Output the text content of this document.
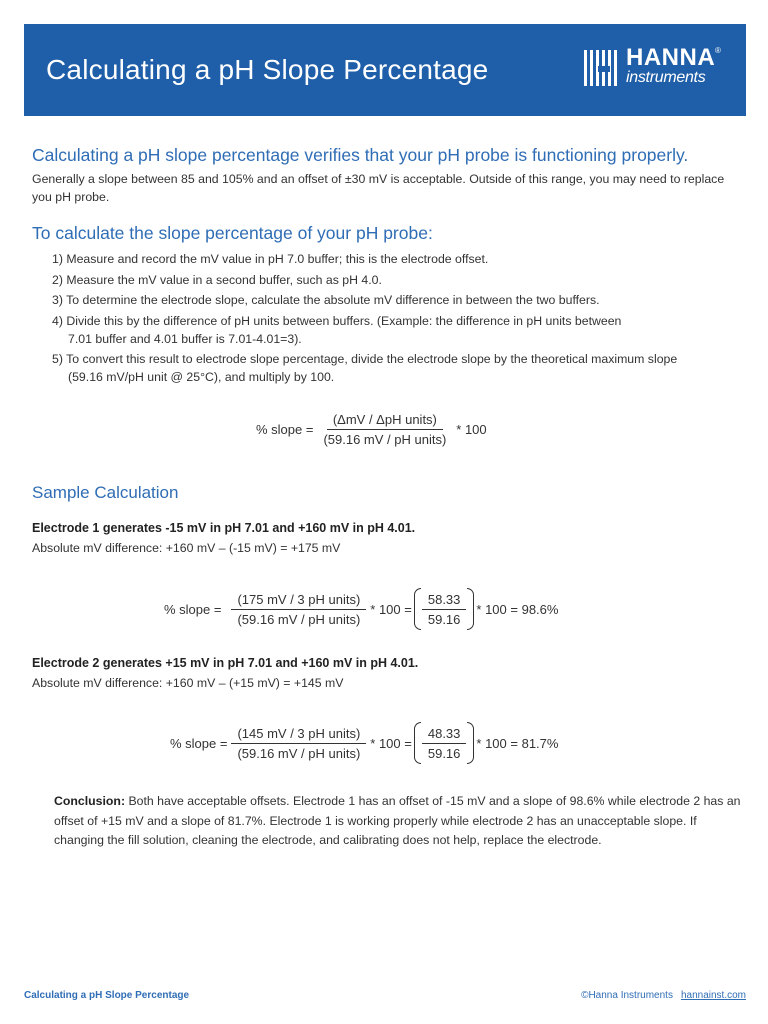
Calculating a pH Slope Percentage	HANNA ®
instruments
Calculating a pH slope percentage verifies that your pH probe is functioning properly.

Generally a slope between 85 and 105% and an offset of ±30 mV is acceptable. Outside of this range, you may need to replace you pH probe.

To calculate the slope percentage of your pH probe:
1) Measure and record the mV value in pH 7.0 buffer; this is the electrode offset.
2) Measure the mV value in a second buffer, such as pH 4.0.
3) To determine the electrode slope, calculate the absolute mV difference in between the two buffers.
4) Divide this by the difference of pH units between buffers. (Example: the difference in pH units between
7.01 buffer and 4.01 buffer is 7.01-4.01=3).
5) To convert this result to electrode slope percentage, divide the electrode slope by the theoretical maximum slope
(59.16 mV/pH unit @ 25°C), and multiply by 100.
% slope = $\frac{\text{(ΔmV / ΔpH units)}}{\text{(59.16 mV / pH units)}} * 100$
Sample Calculation

Electrode 1 generates -15 mV in pH 7.01 and +160 mV in pH 4.01.

Absolute mV difference: +160 mV – (-15 mV) = +175 mV

% slope = $\frac{\text{(175 mV / 3 pH units)}}{\text{(59.16 mV / pH units)}} * 100 = \frac{58.33}{59.16} * 100 = 98.6\%$

Electrode 2 generates +15 mV in pH 7.01 and +160 mV in pH 4.01.

Absolute mV difference: +160 mV – (+15 mV) = +145 mV

% slope = $\frac{\text{(145 mV / 3 pH units)}}{\text{(59.16 mV / pH units)}} * 100 = \frac{48.33}{59.16} * 100 = 81.7\%$

Conclusion: Both have acceptable offsets. Electrode 1 has an offset of -15 mV and a slope of 98.6% while electrode 2 has an offset of +15 mV and a slope of 81.7%. Electrode 1 is working properly while electrode 2 has an unacceptable slope. If changing the fill solution, cleaning the electrode, and calibrating does not help, replace the electrode.

Calculating a pH Slope Percentage	©Hanna Instruments hannainst.com
